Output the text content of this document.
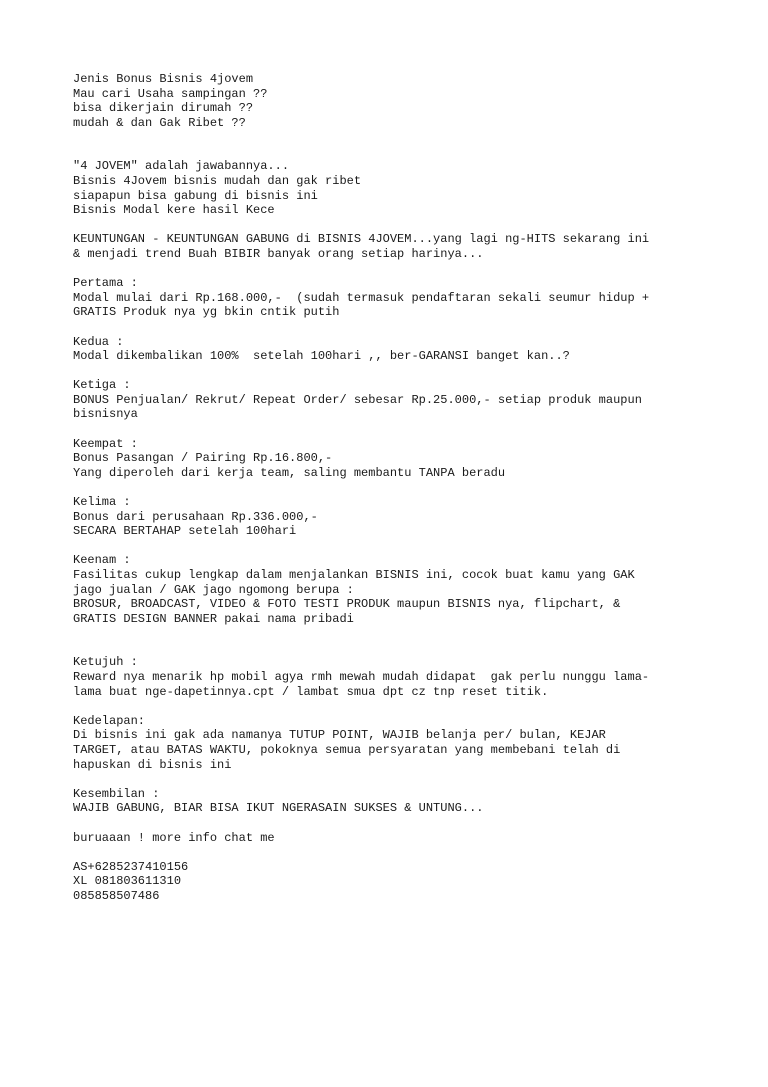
Jenis Bonus Bisnis 4jovem
Mau cari Usaha sampingan ??
bisa dikerjain dirumah ??
mudah & dan Gak Ribet ??
"4 JOVEM" adalah jawabannya...
Bisnis 4Jovem bisnis mudah dan gak ribet
siapapun bisa gabung di bisnis ini
Bisnis Modal kere hasil Kece
KEUNTUNGAN - KEUNTUNGAN GABUNG di BISNIS 4JOVEM...yang lagi ng-HITS sekarang ini
& menjadi trend Buah BIBIR banyak orang setiap harinya...
Pertama :
Modal mulai dari Rp.168.000,-  (sudah termasuk pendaftaran sekali seumur hidup +
GRATIS Produk nya yg bkin cntik putih
Kedua :
Modal dikembalikan 100%  setelah 100hari ,, ber-GARANSI banget kan..?
Ketiga :
BONUS Penjualan/ Rekrut/ Repeat Order/ sebesar Rp.25.000,- setiap produk maupun
bisnisnya
Keempat :
Bonus Pasangan / Pairing Rp.16.800,-
Yang diperoleh dari kerja team, saling membantu TANPA beradu
Kelima :
Bonus dari perusahaan Rp.336.000,-
SECARA BERTAHAP setelah 100hari
Keenam :
Fasilitas cukup lengkap dalam menjalankan BISNIS ini, cocok buat kamu yang GAK
jago jualan / GAK jago ngomong berupa :
BROSUR, BROADCAST, VIDEO & FOTO TESTI PRODUK maupun BISNIS nya, flipchart, &
GRATIS DESIGN BANNER pakai nama pribadi
Ketujuh :
Reward nya menarik hp mobil agya rmh mewah mudah didapat  gak perlu nunggu lama-
lama buat nge-dapetinnya.cpt / lambat smua dpt cz tnp reset titik.
Kedelapan:
Di bisnis ini gak ada namanya TUTUP POINT, WAJIB belanja per/ bulan, KEJAR
TARGET, atau BATAS WAKTU, pokoknya semua persyaratan yang membebani telah di
hapuskan di bisnis ini
Kesembilan :
WAJIB GABUNG, BIAR BISA IKUT NGERASAIN SUKSES & UNTUNG...
buruaaan ! more info chat me
AS+6285237410156
XL 081803611310
085858507486
